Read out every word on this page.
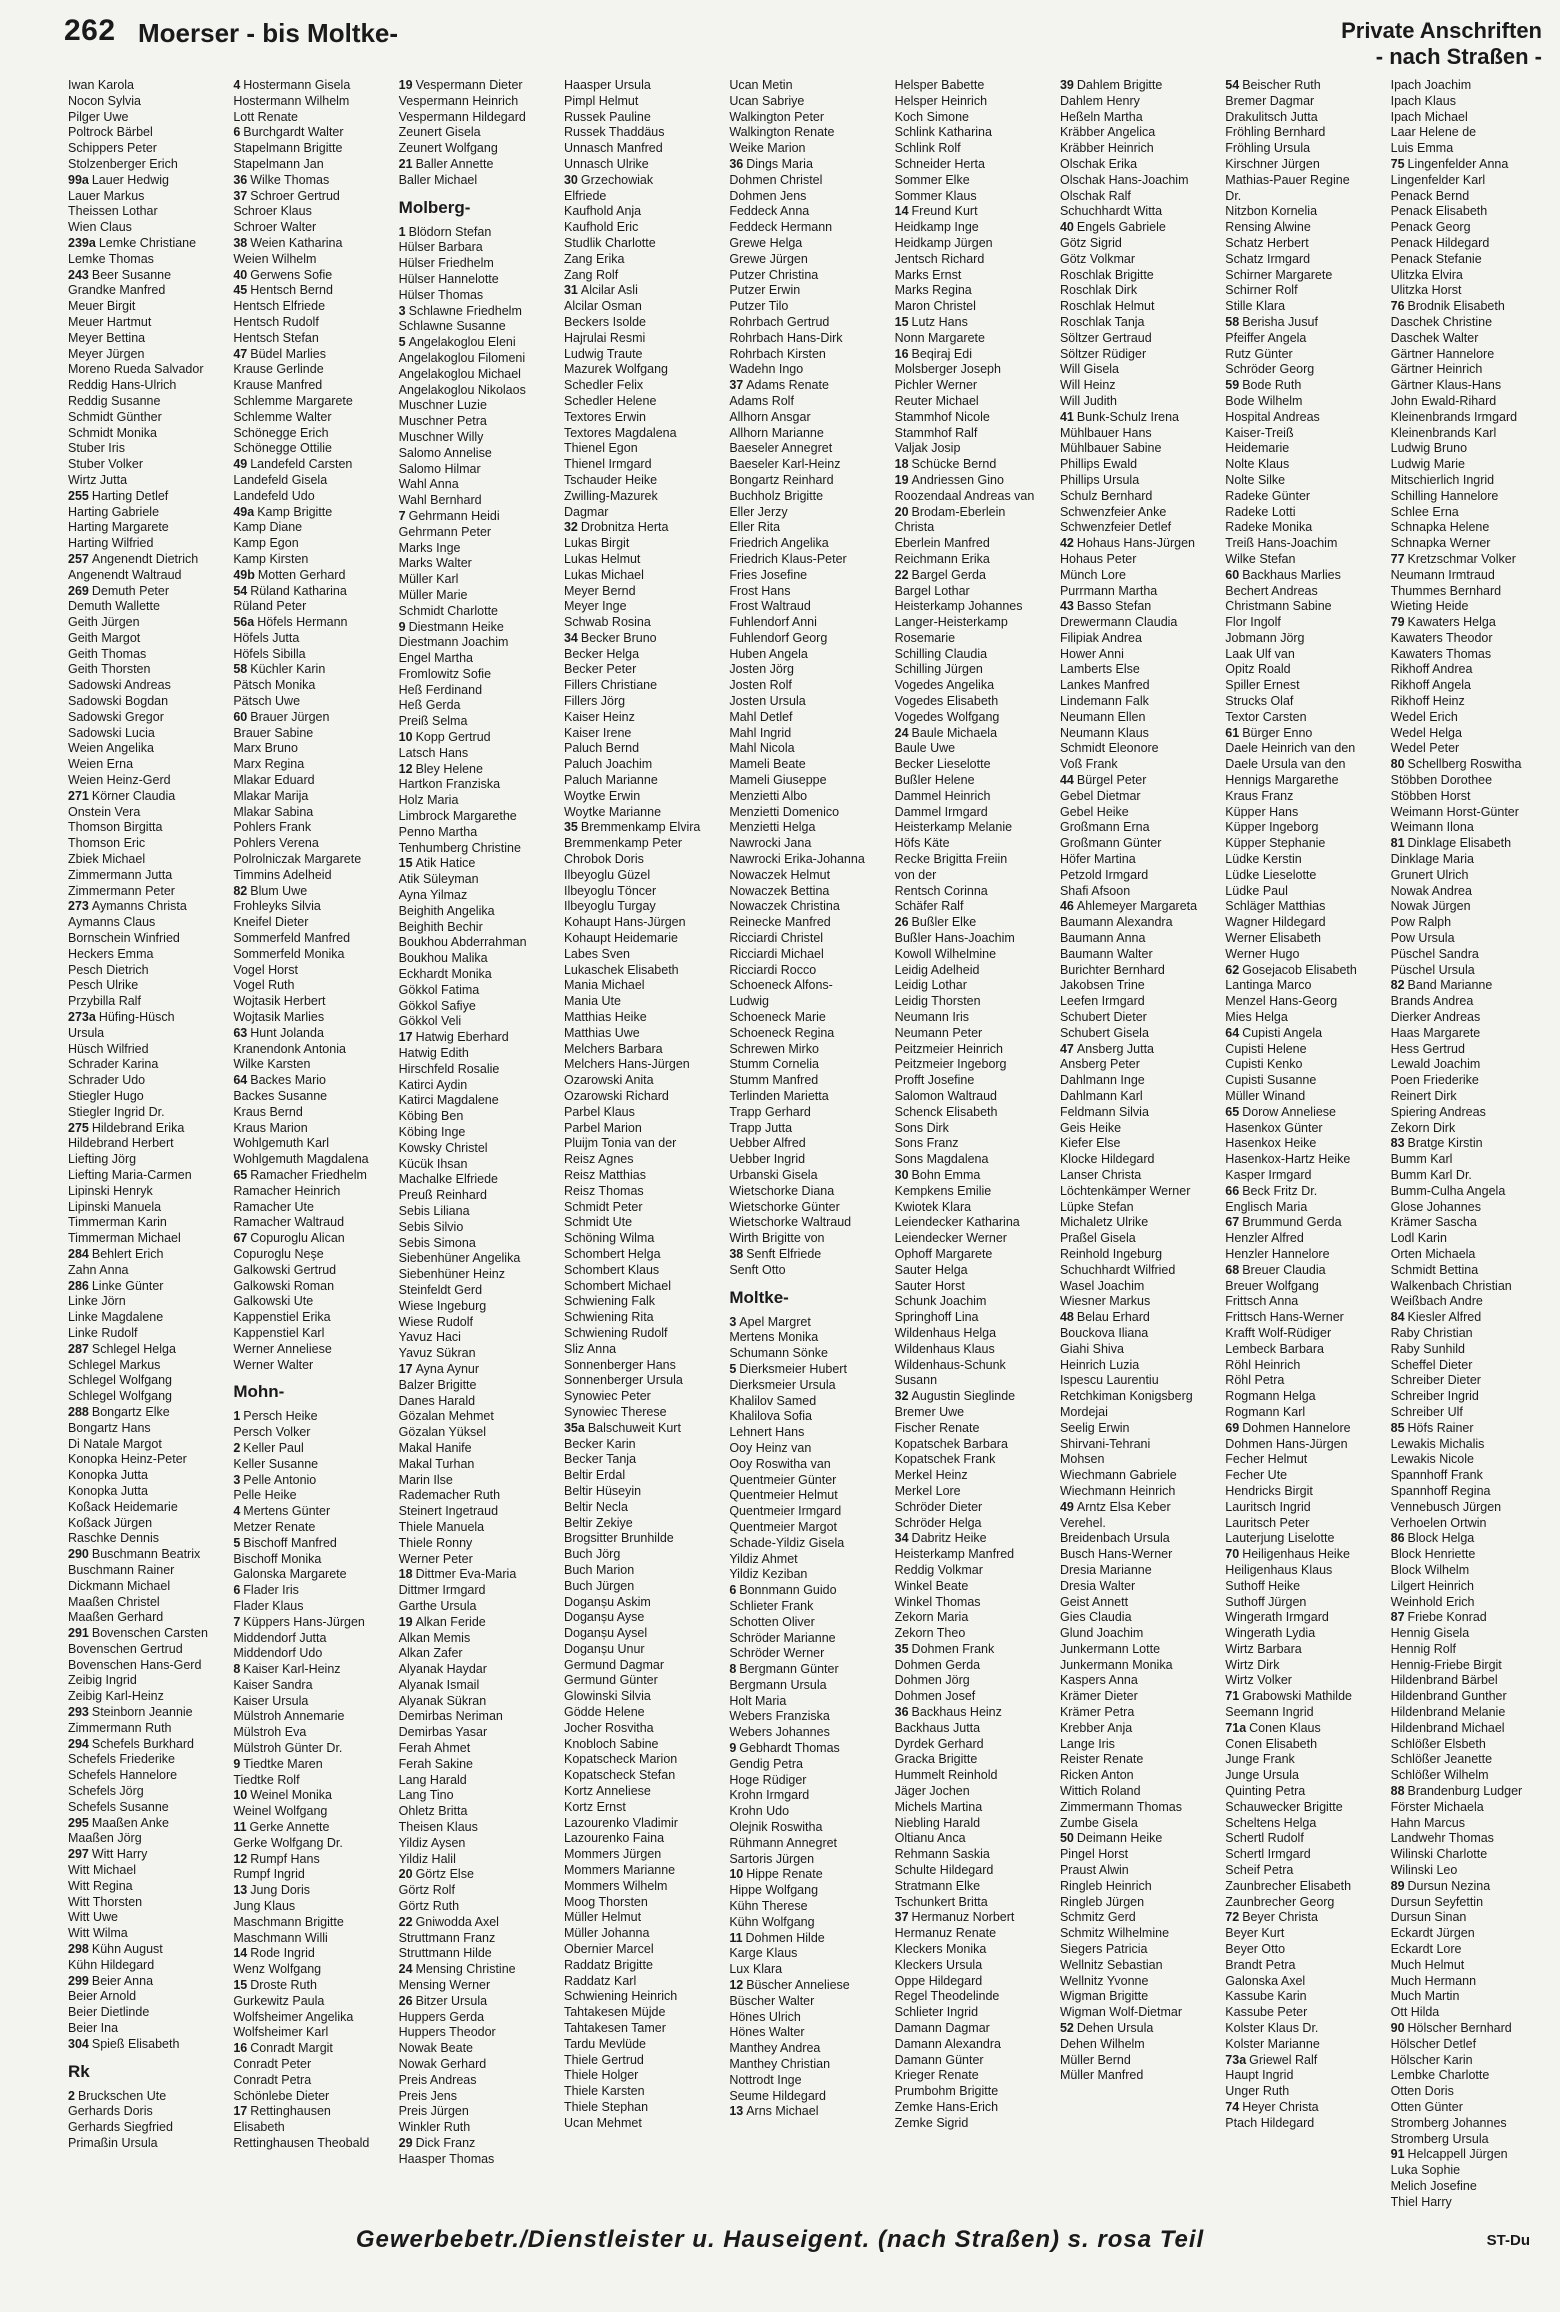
262 Moerser - bis Moltke-	Private Anschriften
- nach Straßen -
Iwan Karola
Nocon Sylvia
Pilger Uwe
Poltrock Bärbel
Schippers Peter
Stolzenberger Erich
99a Lauer Hedwig
Lauer Markus
Theissen Lothar
Wien Claus
239a Lemke Christiane
Lemke Thomas
243 Beer Susanne
Grandke Manfred
Meuer Birgit
Meuer Hartmut
Meyer Bettina
Meyer Jürgen
Moreno Rueda Salvador
Reddig Hans-Ulrich
Reddig Susanne
Schmidt Günther
Schmidt Monika
Stuber Iris
Stuber Volker
Wirtz Jutta
255 Harting Detlef
Harting Gabriele
Harting Margarete
Harting Wilfried
257 Angenendt Dietrich
Angenendt Waltraud
269 Demuth Peter
Demuth Wallette
Geith Jürgen
Geith Margot
Geith Thomas
Geith Thorsten
Sadowski Andreas
Sadowski Bogdan
Sadowski Gregor
Sadowski Lucia
Weien Angelika
Weien Erna
Weien Heinz-Gerd
271 Körner Claudia
Onstein Vera
Thomson Birgitta
Thomson Eric
Zbiek Michael
Zimmermann Jutta
Zimmermann Peter
273 Aymanns Christa
Aymanns Claus
Bornschein Winfried
Heckers Emma
Pesch Dietrich
Pesch Ulrike
Przybilla Ralf
273a Hüfing-Hüsch
Ursula
Hüsch Wilfried
Schrader Karina
Schrader Udo
Stiegler Hugo
Stiegler Ingrid Dr.
275 Hildebrand Erika
Hildebrand Herbert
Liefting Jörg
Liefting Maria-Carmen
Lipinski Henryk
Lipinski Manuela
Timmerman Karin
Timmerman Michael
284 Behlert Erich
Zahn Anna
286 Linke Günter
Linke Jörn
Linke Magdalene
Linke Rudolf
287 Schlegel Helga
Schlegel Markus
Schlegel Wolfgang
Schlegel Wolfgang
288 Bongartz Elke
Bongartz Hans
Di Natale Margot
Konopka Heinz-Peter
Konopka Jutta
Konopka Jutta
Koßack Heidemarie
Koßack Jürgen
Raschke Dennis
290 Buschmann Beatrix
Buschmann Rainer
Dickmann Michael
Maaßen Christel
Maaßen Gerhard
291 Bovenschen Carsten
Bovenschen Gertrud
Bovenschen Hans-Gerd
Zeibig Ingrid
Zeibig Karl-Heinz
293 Steinborn Jeannie
Zimmermann Ruth
294 Schefels Burkhard
Schefels Friederike
Schefels Hannelore
Schefels Jörg
Schefels Susanne
295 Maaßen Anke
Maaßen Jörg
297 Witt Harry
Witt Michael
Witt Regina
Witt Thorsten
Witt Uwe
Witt Wilma
298 Kühn August
Kühn Hildegard
299 Beier Anna
Beier Arnold
Beier Dietlinde
Beier Ina
304 Spieß Elisabeth
Rk
2 Bruckschen Ute
Gerhards Doris
Gerhards Siegfried
Primaßin Ursula
4 Hostermann Gisela
Hostermann Wilhelm
Lott Renate
6 Burchgardt Walter
Stapelmann Brigitte
Stapelmann Jan
36 Wilke Thomas
37 Schroer Gertrud
Schroer Klaus
Schroer Walter
38 Weien Katharina
Weien Wilhelm
40 Gerwens Sofie
45 Hentsch Bernd
Hentsch Elfriede
Hentsch Rudolf
Hentsch Stefan
47 Büdel Marlies
Krause Gerlinde
Krause Manfred
Schlemme Margarete
Schlemme Walter
Schönegge Erich
Schönegge Ottilie
49 Landefeld Carsten
Landefeld Gisela
Landefeld Udo
49a Kamp Brigitte
Kamp Diane
Kamp Egon
Kamp Kirsten
49b Motten Gerhard
54 Rüland Katharina
Rüland Peter
56a Höfels Hermann
Höfels Jutta
Höfels Sibilla
58 Küchler Karin
Pätsch Monika
Pätsch Uwe
60 Brauer Jürgen
Brauer Sabine
Marx Bruno
Marx Regina
Mlakar Eduard
Mlakar Marija
Mlakar Sabina
Pohlers Frank
Pohlers Verena
Polrolniczak Margarete
Timmins Adelheid
82 Blum Uwe
Frohleyks Silvia
Kneifel Dieter
Sommerfeld Manfred
Sommerfeld Monika
Vogel Horst
Vogel Ruth
Wojtasik Herbert
Wojtasik Marlies
63 Hunt Jolanda
Kranendonk Antonia
Wilke Karsten
64 Backes Mario
Backes Susanne
Kraus Bernd
Kraus Marion
Wohlgemuth Karl
Wohlgemuth Magdalena
65 Ramacher Friedhelm
Ramacher Heinrich
Ramacher Ute
Ramacher Waltraud
67 Copuroglu Alican
Copuroglu Neşe
Galkowski Gertrud
Galkowski Roman
Galkowski Ute
Kappenstiel Erika
Kappenstiel Karl
Werner Anneliese
Werner Walter
Mohn-
1 Persch Heike
Persch Volker
2 Keller Paul
Keller Susanne
3 Pelle Antonio
Pelle Heike
4 Mertens Günter
Metzer Renate
5 Bischoff Manfred
Bischoff Monika
Galonska Margarete
6 Flader Iris
Flader Klaus
7 Küppers Hans-Jürgen
Middendorf Jutta
Middendorf Udo
8 Kaiser Karl-Heinz
Kaiser Sandra
Kaiser Ursula
Mülstroh Annemarie
Mülstroh Eva
Mülstroh Günter Dr.
9 Tiedtke Maren
Tiedtke Rolf
10 Weinel Monika
Weinel Wolfgang
11 Gerke Annette
Gerke Wolfgang Dr.
12 Rumpf Hans
Rumpf Ingrid
13 Jung Doris
Jung Klaus
Maschmann Brigitte
Maschmann Willi
14 Rode Ingrid
Wenz Wolfgang
15 Droste Ruth
Gurkewitz Paula
Wolfsheimer Angelika
Wolfsheimer Karl
16 Conradt Margit
Conradt Peter
Conradt Petra
Schönlebe Dieter
17 Rettinghausen
Elisabeth
Rettinghausen Theobald
19 Vespermann Dieter
Vespermann Heinrich
Vespermann Hildegard
Zeunert Gisela
Zeunert Wolfgang
21 Baller Annette
Baller Michael
Molberg-
1 Blödorn Stefan
Hülser Barbara
Hülser Friedhelm
Hülser Hannelotte
Hülser Thomas
3 Schlawne Friedhelm
Schlawne Susanne
5 Angelakoglou Eleni
Angelakoglou Filomeni
Angelakoglou Michael
Angelakoglou Nikolaos
Muschner Luzie
Muschner Petra
Muschner Willy
Salomo Annelise
Salomo Hilmar
Wahl Anna
Wahl Bernhard
7 Gehrmann Heidi
Gehrmann Peter
Marks Inge
Marks Walter
Müller Karl
Müller Marie
Schmidt Charlotte
9 Diestmann Heike
Diestmann Joachim
Engel Martha
Fromlowitz Sofie
Heß Ferdinand
Heß Gerda
Preiß Selma
10 Kopp Gertrud
Latsch Hans
12 Bley Helene
Hartkon Franziska
Holz Maria
Limbrock Margarethe
Penno Martha
Tenhumberg Christine
15 Atik Hatice
Atik Süleyman
Ayna Yilmaz
Beighith Angelika
Beighith Bechir
Boukhou Abderrahman
Boukhou Malika
Eckhardt Monika
Gökkol Fatima
Gökkol Safiye
Gökkol Veli
17 Hatwig Eberhard
Hatwig Edith
Hirschfeld Rosalie
Katirci Aydin
Katirci Magdalene
Köbing Ben
Köbing Inge
Kowsky Christel
Kücük Ihsan
Machalke Elfriede
Preuß Reinhard
Sebis Liliana
Sebis Silvio
Sebis Simona
Siebenhüner Angelika
Siebenhüner Heinz
Steinfeldt Gerd
Wiese Ingeburg
Wiese Rudolf
Yavuz Haci
Yavuz Sükran
17 Ayna Aynur
Balzer Brigitte
Danes Harald
Gözalan Mehmet
Gözalan Yüksel
Makal Hanife
Makal Turhan
Marin Ilse
Rademacher Ruth
Steinert Ingetraud
Thiele Manuela
Thiele Ronny
Werner Peter
18 Dittmer Eva-Maria
Dittmer Irmgard
Garthe Ursula
19 Alkan Feride
Alkan Memis
Alkan Zafer
Alyanak Haydar
Alyanak Ismail
Alyanak Sükran
Demirbas Neriman
Demirbas Yasar
Ferah Ahmet
Ferah Sakine
Lang Harald
Lang Tino
Ohletz Britta
Theisen Klaus
Yildiz Aysen
Yildiz Halil
20 Görtz Else
Görtz Rolf
Görtz Ruth
22 Gniwodda Axel
Struttmann Franz
Struttmann Hilde
24 Mensing Christine
Mensing Werner
26 Bitzer Ursula
Huppers Gerda
Huppers Theodor
Nowak Beate
Nowak Gerhard
Preis Andreas
Preis Jens
Preis Jürgen
Winkler Ruth
29 Dick Franz
Haasper Thomas
Haasper Ursula
Pimpl Helmut
Russek Pauline
Russek Thaddäus
Unnasch Manfred
Unnasch Ulrike
30 Grzechowiak
Elfriede
Kaufhold Anja
Kaufhold Eric
Studlik Charlotte
Zang Erika
Zang Rolf
31 Alcilar Asli
Alcilar Osman
Beckers Isolde
Hajrulai Resmi
Ludwig Traute
Mazurek Wolfgang
Schedler Felix
Schedler Helene
Textores Erwin
Textores Magdalena
Thienel Egon
Thienel Irmgard
Tschauder Heike
Zwilling-Mazurek
Dagmar
32 Drobnitza Herta
Lukas Birgit
Lukas Helmut
Lukas Michael
Meyer Bernd
Meyer Inge
Schwab Rosina
34 Becker Bruno
Becker Helga
Becker Peter
Fillers Christiane
Fillers Jörg
Kaiser Heinz
Kaiser Irene
Paluch Bernd
Paluch Joachim
Paluch Marianne
Woytke Erwin
Woytke Marianne
35 Bremmenkamp Elvira
Bremmenkamp Peter
Chrobok Doris
Ilbeyoglu Güzel
Ilbeyoglu Töncer
Ilbeyoglu Turgay
Kohaupt Hans-Jürgen
Kohaupt Heidemarie
Labes Sven
Lukaschek Elisabeth
Mania Michael
Mania Ute
Matthias Heike
Matthias Uwe
Melchers Barbara
Melchers Hans-Jürgen
Ozarowski Anita
Ozarowski Richard
Parbel Klaus
Parbel Marion
Pluijm Tonia van der
Reisz Agnes
Reisz Matthias
Reisz Thomas
Schmidt Peter
Schmidt Ute
Schöning Wilma
Schombert Helga
Schombert Klaus
Schombert Michael
Schwiening Falk
Schwiening Rita
Schwiening Rudolf
Sliz Anna
Sonnenberger Hans
Sonnenberger Ursula
Synowiec Peter
Synowiec Therese
35a Balschuweit Kurt
Becker Karin
Becker Tanja
Beltir Erdal
Beltir Hüseyin
Beltir Necla
Beltir Zekiye
Brogsitter Brunhilde
Buch Jörg
Buch Marion
Buch Jürgen
Doganșu Askim
Doganșu Ayse
Doganșu Aysel
Doganșu Unur
Germund Dagmar
Germund Günter
Glowinski Silvia
Gödde Helene
Jocher Rosvitha
Knobloch Sabine
Kopatscheck Marion
Kopatscheck Stefan
Kortz Anneliese
Kortz Ernst
Lazourenko Vladimir
Lazourenko Faina
Mommers Jürgen
Mommers Marianne
Mommers Wilhelm
Moog Thorsten
Müller Helmut
Müller Johanna
Obernier Marcel
Raddatz Brigitte
Raddatz Karl
Schwiening Heinrich
Tahtakesen Müjde
Tahtakesen Tamer
Tardu Mevlüde
Thiele Gertrud
Thiele Holger
Thiele Karsten
Thiele Stephan
Ucan Mehmet
Ucan Metin
Ucan Sabriye
Walkington Peter
Walkington Renate
Weike Marion
36 Dings Maria
Dohmen Christel
Dohmen Jens
Feddeck Anna
Feddeck Hermann
Grewe Helga
Grewe Jürgen
Putzer Christina
Putzer Erwin
Putzer Tilo
Rohrbach Gertrud
Rohrbach Hans-Dirk
Rohrbach Kirsten
Wadehn Ingo
37 Adams Renate
Adams Rolf
Allhorn Ansgar
Allhorn Marianne
Baeseler Annegret
Baeseler Karl-Heinz
Bongartz Reinhard
Buchholz Brigitte
Eller Jerzy
Eller Rita
Friedrich Angelika
Friedrich Klaus-Peter
Fries Josefine
Frost Hans
Frost Waltraud
Fuhlendorf Anni
Fuhlendorf Georg
Huben Angela
Josten Jörg
Josten Rolf
Josten Ursula
Mahl Detlef
Mahl Ingrid
Mahl Nicola
Mameli Beate
Mameli Giuseppe
Menzietti Albo
Menzietti Domenico
Menzietti Helga
Nawrocki Jana
Nawrocki Erika-Johanna
Nowaczek Helmut
Nowaczek Bettina
Nowaczek Christina
Reinecke Manfred
Ricciardi Christel
Ricciardi Michael
Ricciardi Rocco
Schoeneck Alfons-
Ludwig
Schoeneck Marie
Schoeneck Regina
Schrewen Mirko
Stumm Cornelia
Stumm Manfred
Terlinden Marietta
Trapp Gerhard
Trapp Jutta
Uebber Alfred
Uebber Ingrid
Urbanski Gisela
Wietschorke Diana
Wietschorke Günter
Wietschorke Waltraud
Wirth Brigitte von
38 Senft Elfriede
Senft Otto
Moltke-
3 Apel Margret
Mertens Monika
Schumann Sönke
5 Dierksmeier Hubert
Dierksmeier Ursula
Khalilov Samed
Khalilova Sofia
Lehnert Hans
Ooy Heinz van
Ooy Roswitha van
Quentmeier Günter
Quentmeier Helmut
Quentmeier Irmgard
Quentmeier Margot
Schade-Yildiz Gisela
Yildiz Ahmet
Yildiz Keziban
6 Bonnmann Guido
Schlieter Frank
Schotten Oliver
Schröder Marianne
Schröder Werner
8 Bergmann Günter
Bergmann Ursula
Holt Maria
Webers Franziska
Webers Johannes
9 Gebhardt Thomas
Gendig Petra
Hoge Rüdiger
Krohn Irmgard
Krohn Udo
Olejnik Roswitha
Rühmann Annegret
Sartoris Jürgen
10 Hippe Renate
Hippe Wolfgang
Kühn Therese
Kühn Wolfgang
11 Dohmen Hilde
Karge Klaus
Lux Klara
12 Büscher Anneliese
Büscher Walter
Hönes Ulrich
Hönes Walter
Manthey Andrea
Manthey Christian
Nottrodt Inge
Seume Hildegard
13 Arns Michael
Helsper Babette
Helsper Heinrich
Koch Simone
Schlink Katharina
Schlink Rolf
Schneider Herta
Sommer Elke
Sommer Klaus
14 Freund Kurt
Heidkamp Inge
Heidkamp Jürgen
Jentsch Richard
Marks Ernst
Marks Regina
Maron Christel
15 Lutz Hans
Nonn Margarete
16 Beqiraj Edi
Molsberger Joseph
Pichler Werner
Reuter Michael
Stammhof Nicole
Stammhof Ralf
Valjak Josip
18 Schücke Bernd
19 Andriessen Gino
Roozendaal Andreas van
20 Brodam-Eberlein
Christa
Eberlein Manfred
Reichmann Erika
22 Bargel Gerda
Bargel Lothar
Heisterkamp Johannes
Langer-Heisterkamp
Rosemarie
Schilling Claudia
Schilling Jürgen
Vogedes Angelika
Vogedes Elisabeth
Vogedes Wolfgang
24 Baule Michaela
Baule Uwe
Becker Lieselotte
Bußler Helene
Dammel Heinrich
Dammel Irmgard
Heisterkamp Melanie
Höfs Käte
Recke Brigitta Freiin
von der
Rentsch Corinna
Schäfer Ralf
26 Bußler Elke
Bußler Hans-Joachim
Kowoll Wilhelmine
Leidig Adelheid
Leidig Lothar
Leidig Thorsten
Neumann Iris
Neumann Peter
Peitzmeier Heinrich
Peitzmeier Ingeborg
Profft Josefine
Salomon Waltraud
Schenck Elisabeth
Sons Dirk
Sons Franz
Sons Magdalena
30 Bohn Emma
Kempkens Emilie
Kwiotek Klara
Leiendecker Katharina
Leiendecker Werner
Ophoff Margarete
Sauter Helga
Sauter Horst
Schunk Joachim
Springhoff Lina
Wildenhaus Helga
Wildenhaus Klaus
Wildenhaus-Schunk
Susann
32 Augustin Sieglinde
Bremer Uwe
Fischer Renate
Kopatschek Barbara
Kopatschek Frank
Merkel Heinz
Merkel Lore
Schröder Dieter
Schröder Helga
34 Dabritz Heike
Heisterkamp Manfred
Reddig Volkmar
Winkel Beate
Winkel Thomas
Zekorn Maria
Zekorn Theo
35 Dohmen Frank
Dohmen Gerda
Dohmen Jörg
Dohmen Josef
36 Backhaus Heinz
Backhaus Jutta
Dyrdek Gerhard
Gracka Brigitte
Hummelt Reinhold
Jäger Jochen
Michels Martina
Niebling Harald
Oltianu Anca
Rehmann Saskia
Schulte Hildegard
Stratmann Elke
Tschunkert Britta
37 Hermanuz Norbert
Hermanuz Renate
Kleckers Monika
Kleckers Ursula
Oppe Hildegard
Regel Theodelinde
Schlieter Ingrid
Damann Dagmar
Damann Alexandra
Damann Günter
Krieger Renate
Prumbohm Brigitte
Zemke Hans-Erich
Zemke Sigrid
39 Dahlem Brigitte
Dahlem Henry
Heßeln Martha
Kräbber Angelica
Kräbber Heinrich
Olschak Erika
Olschak Hans-Joachim
Olschak Ralf
Schuchhardt Witta
40 Engels Gabriele
Götz Sigrid
Götz Volkmar
Roschlak Brigitte
Roschlak Dirk
Roschlak Helmut
Roschlak Tanja
Söltzer Gertraud
Söltzer Rüdiger
Will Gisela
Will Heinz
Will Judith
41 Bunk-Schulz Irena
Mühlbauer Hans
Mühlbauer Sabine
Phillips Ewald
Phillips Ursula
Schulz Bernhard
Schwenzfeier Anke
Schwenzfeier Detlef
42 Hohaus Hans-Jürgen
Hohaus Peter
Münch Lore
Purrmann Martha
43 Basso Stefan
Drewermann Claudia
Filipiak Andrea
Hower Anni
Lamberts Else
Lankes Manfred
Lindemann Falk
Neumann Ellen
Neumann Klaus
Schmidt Eleonore
Voß Frank
44 Bürgel Peter
Gebel Dietmar
Gebel Heike
Großmann Erna
Großmann Günter
Höfer Martina
Petzold Irmgard
Shafi Afsoon
46 Ahlemeyer Margareta
Baumann Alexandra
Baumann Anna
Baumann Walter
Burichter Bernhard
Jakobsen Trine
Leefen Irmgard
Schubert Dieter
Schubert Gisela
47 Ansberg Jutta
Ansberg Peter
Dahlmann Inge
Dahlmann Karl
Feldmann Silvia
Geis Heike
Kiefer Else
Klocke Hildegard
Lanser Christa
Löchtenkämper Werner
Lüpke Stefan
Michaletz Ulrike
Praßel Gisela
Reinhold Ingeburg
Schuchhardt Wilfried
Wasel Joachim
Wiesner Markus
48 Belau Erhard
Bouckova Iliana
Giahi Shiva
Heinrich Luzia
Ispescu Laurentiu
Retchkiman Konigsberg
Mordejai
Seelig Erwin
Shirvani-Tehrani
Mohsen
Wiechmann Gabriele
Wiechmann Heinrich
49 Arntz Elsa Keber
Verehel.
Breidenbach Ursula
Busch Hans-Werner
Dresia Marianne
Dresia Walter
Geist Annett
Gies Claudia
Glund Joachim
Junkermann Lotte
Junkermann Monika
Kaspers Anna
Krämer Dieter
Krämer Petra
Krebber Anja
Lange Iris
Reister Renate
Ricken Anton
Wittich Roland
Zimmermann Thomas
Zumbe Gisela
50 Deimann Heike
Pingel Horst
Praust Alwin
Ringleb Heinrich
Ringleb Jürgen
Schmitz Gerd
Schmitz Wilhelmine
Siegers Patricia
Wellnitz Sebastian
Wellnitz Yvonne
Wigman Brigitte
Wigman Wolf-Dietmar
52 Dehen Ursula
Dehen Wilhelm
Müller Bernd
Müller Manfred
54 Beischer Ruth
Bremer Dagmar
Drakulitsch Jutta
Fröhling Bernhard
Fröhling Ursula
Kirschner Jürgen
Mathias-Pauer Regine
Dr.
Nitzbon Kornelia
Rensing Alwine
Schatz Herbert
Schatz Irmgard
Schirner Margarete
Schirner Rolf
Stille Klara
58 Berisha Jusuf
Pfeiffer Angela
Rutz Günter
Schröder Georg
59 Bode Ruth
Bode Wilhelm
Hospital Andreas
Kaiser-Treiß
Heidemarie
Nolte Klaus
Nolte Silke
Radeke Günter
Radeke Lotti
Radeke Monika
Treiß Hans-Joachim
Wilke Stefan
60 Backhaus Marlies
Bechert Andreas
Christmann Sabine
Flor Ingolf
Jobmann Jörg
Laak Ulf van
Opitz Roald
Spiller Ernest
Strucks Olaf
Textor Carsten
61 Bürger Enno
Daele Heinrich van den
Daele Ursula van den
Hennigs Margarethe
Kraus Franz
Küpper Hans
Küpper Ingeborg
Küpper Stephanie
Lüdke Kerstin
Lüdke Lieselotte
Lüdke Paul
Schläger Matthias
Wagner Hildegard
Werner Elisabeth
Werner Hugo
62 Gosejacob Elisabeth
Lantinga Marco
Menzel Hans-Georg
Mies Helga
64 Cupisti Angela
Cupisti Helene
Cupisti Kenko
Cupisti Susanne
Müller Winand
65 Dorow Anneliese
Hasenkox Günter
Hasenkox Heike
Hasenkox-Hartz Heike
Kasper Irmgard
66 Beck Fritz Dr.
Englisch Maria
67 Brummund Gerda
Henzler Alfred
Henzler Hannelore
68 Breuer Claudia
Breuer Wolfgang
Frittsch Anna
Frittsch Hans-Werner
Krafft Wolf-Rüdiger
Lembeck Barbara
Röhl Heinrich
Röhl Petra
Rogmann Helga
Rogmann Karl
69 Dohmen Hannelore
Dohmen Hans-Jürgen
Fecher Helmut
Fecher Ute
Hendricks Birgit
Lauritsch Ingrid
Lauritsch Peter
Lauterjung Liselotte
70 Heiligenhaus Heike
Heiligenhaus Klaus
Suthoff Heike
Suthoff Jürgen
Wingerath Irmgard
Wingerath Lydia
Wirtz Barbara
Wirtz Dirk
Wirtz Volker
71 Grabowski Mathilde
Seemann Ingrid
71a Conen Klaus
Conen Elisabeth
Junge Frank
Junge Ursula
Quinting Petra
Schauwecker Brigitte
Scheltens Helga
Schertl Rudolf
Schertl Irmgard
Scheif Petra
Zaunbrecher Elisabeth
Zaunbrecher Georg
72 Beyer Christa
Beyer Kurt
Beyer Otto
Brandt Petra
Galonska Axel
Kassube Karin
Kassube Peter
Kolster Klaus Dr.
Kolster Marianne
73a Griewel Ralf
Haupt Ingrid
Unger Ruth
74 Heyer Christa
Ptach Hildegard
Ipach Joachim
Ipach Klaus
Ipach Michael
Laar Helene de
Luis Emma
75 Lingenfelder Anna
Lingenfelder Karl
Penack Bernd
Penack Elisabeth
Penack Georg
Penack Hildegard
Penack Stefanie
Ulitzka Elvira
Ulitzka Horst
76 Brodnik Elisabeth
Daschek Christine
Daschek Walter
Gärtner Hannelore
Gärtner Heinrich
Gärtner Klaus-Hans
John Ewald-Rihard
Kleinenbrands Irmgard
Kleinenbrands Karl
Ludwig Bruno
Ludwig Marie
Mitschierlich Ingrid
Schilling Hannelore
Schlee Erna
Schnapka Helene
Schnapka Werner
77 Kretzschmar Volker
Neumann Irmtraud
Thummes Bernhard
Wieting Heide
79 Kawaters Helga
Kawaters Theodor
Kawaters Thomas
Rikhoff Andrea
Rikhoff Angela
Rikhoff Heinz
Wedel Erich
Wedel Helga
Wedel Peter
80 Schellberg Roswitha
Stöbben Dorothee
Stöbben Horst
Weimann Horst-Günter
Weimann Ilona
81 Dinklage Elisabeth
Dinklage Maria
Grunert Ulrich
Nowak Andrea
Nowak Jürgen
Pow Ralph
Pow Ursula
Püschel Sandra
Püschel Ursula
82 Band Marianne
Brands Andrea
Dierker Andreas
Haas Margarete
Hess Gertrud
Lewald Joachim
Poen Friederike
Reinert Dirk
Spiering Andreas
Zekorn Dirk
83 Bratge Kirstin
Bumm Karl
Bumm Karl Dr.
Bumm-Culha Angela
Glose Johannes
Krämer Sascha
Lodl Karin
Orten Michaela
Schmidt Bettina
Walkenbach Christian
Weißbach Andre
84 Kiesler Alfred
Raby Christian
Raby Sunhild
Scheffel Dieter
Schreiber Dieter
Schreiber Ingrid
Schreiber Ulf
85 Höfs Rainer
Lewakis Michalis
Lewakis Nicole
Spannhoff Frank
Spannhoff Regina
Vennebusch Jürgen
Verhoelen Ortwin
86 Block Helga
Block Henriette
Block Wilhelm
Lilgert Heinrich
Weinhold Erich
87 Friebe Konrad
Hennig Gisela
Hennig Rolf
Hennig-Friebe Birgit
Hildenbrand Bärbel
Hildenbrand Gunther
Hildenbrand Melanie
Hildenbrand Michael
Schlößer Elsbeth
Schlößer Jeanette
Schlößer Wilhelm
88 Brandenburg Ludger
Förster Michaela
Hahn Marcus
Landwehr Thomas
Wilinski Charlotte
Wilinski Leo
89 Dursun Nezina
Dursun Seyfettin
Dursun Sinan
Eckardt Jürgen
Eckardt Lore
Much Helmut
Much Hermann
Much Martin
Ott Hilda
90 Hölscher Bernhard
Hölscher Detlef
Hölscher Karin
Lembke Charlotte
Otten Doris
Otten Günter
Stromberg Johannes
Stromberg Ursula
91 Helcappell Jürgen
Luka Sophie
Melich Josefine
Thiel Harry
Gewerbebetr./Dienstleister u. Hauseigent. (nach Straßen) s. rosa Teil	ST-Du
